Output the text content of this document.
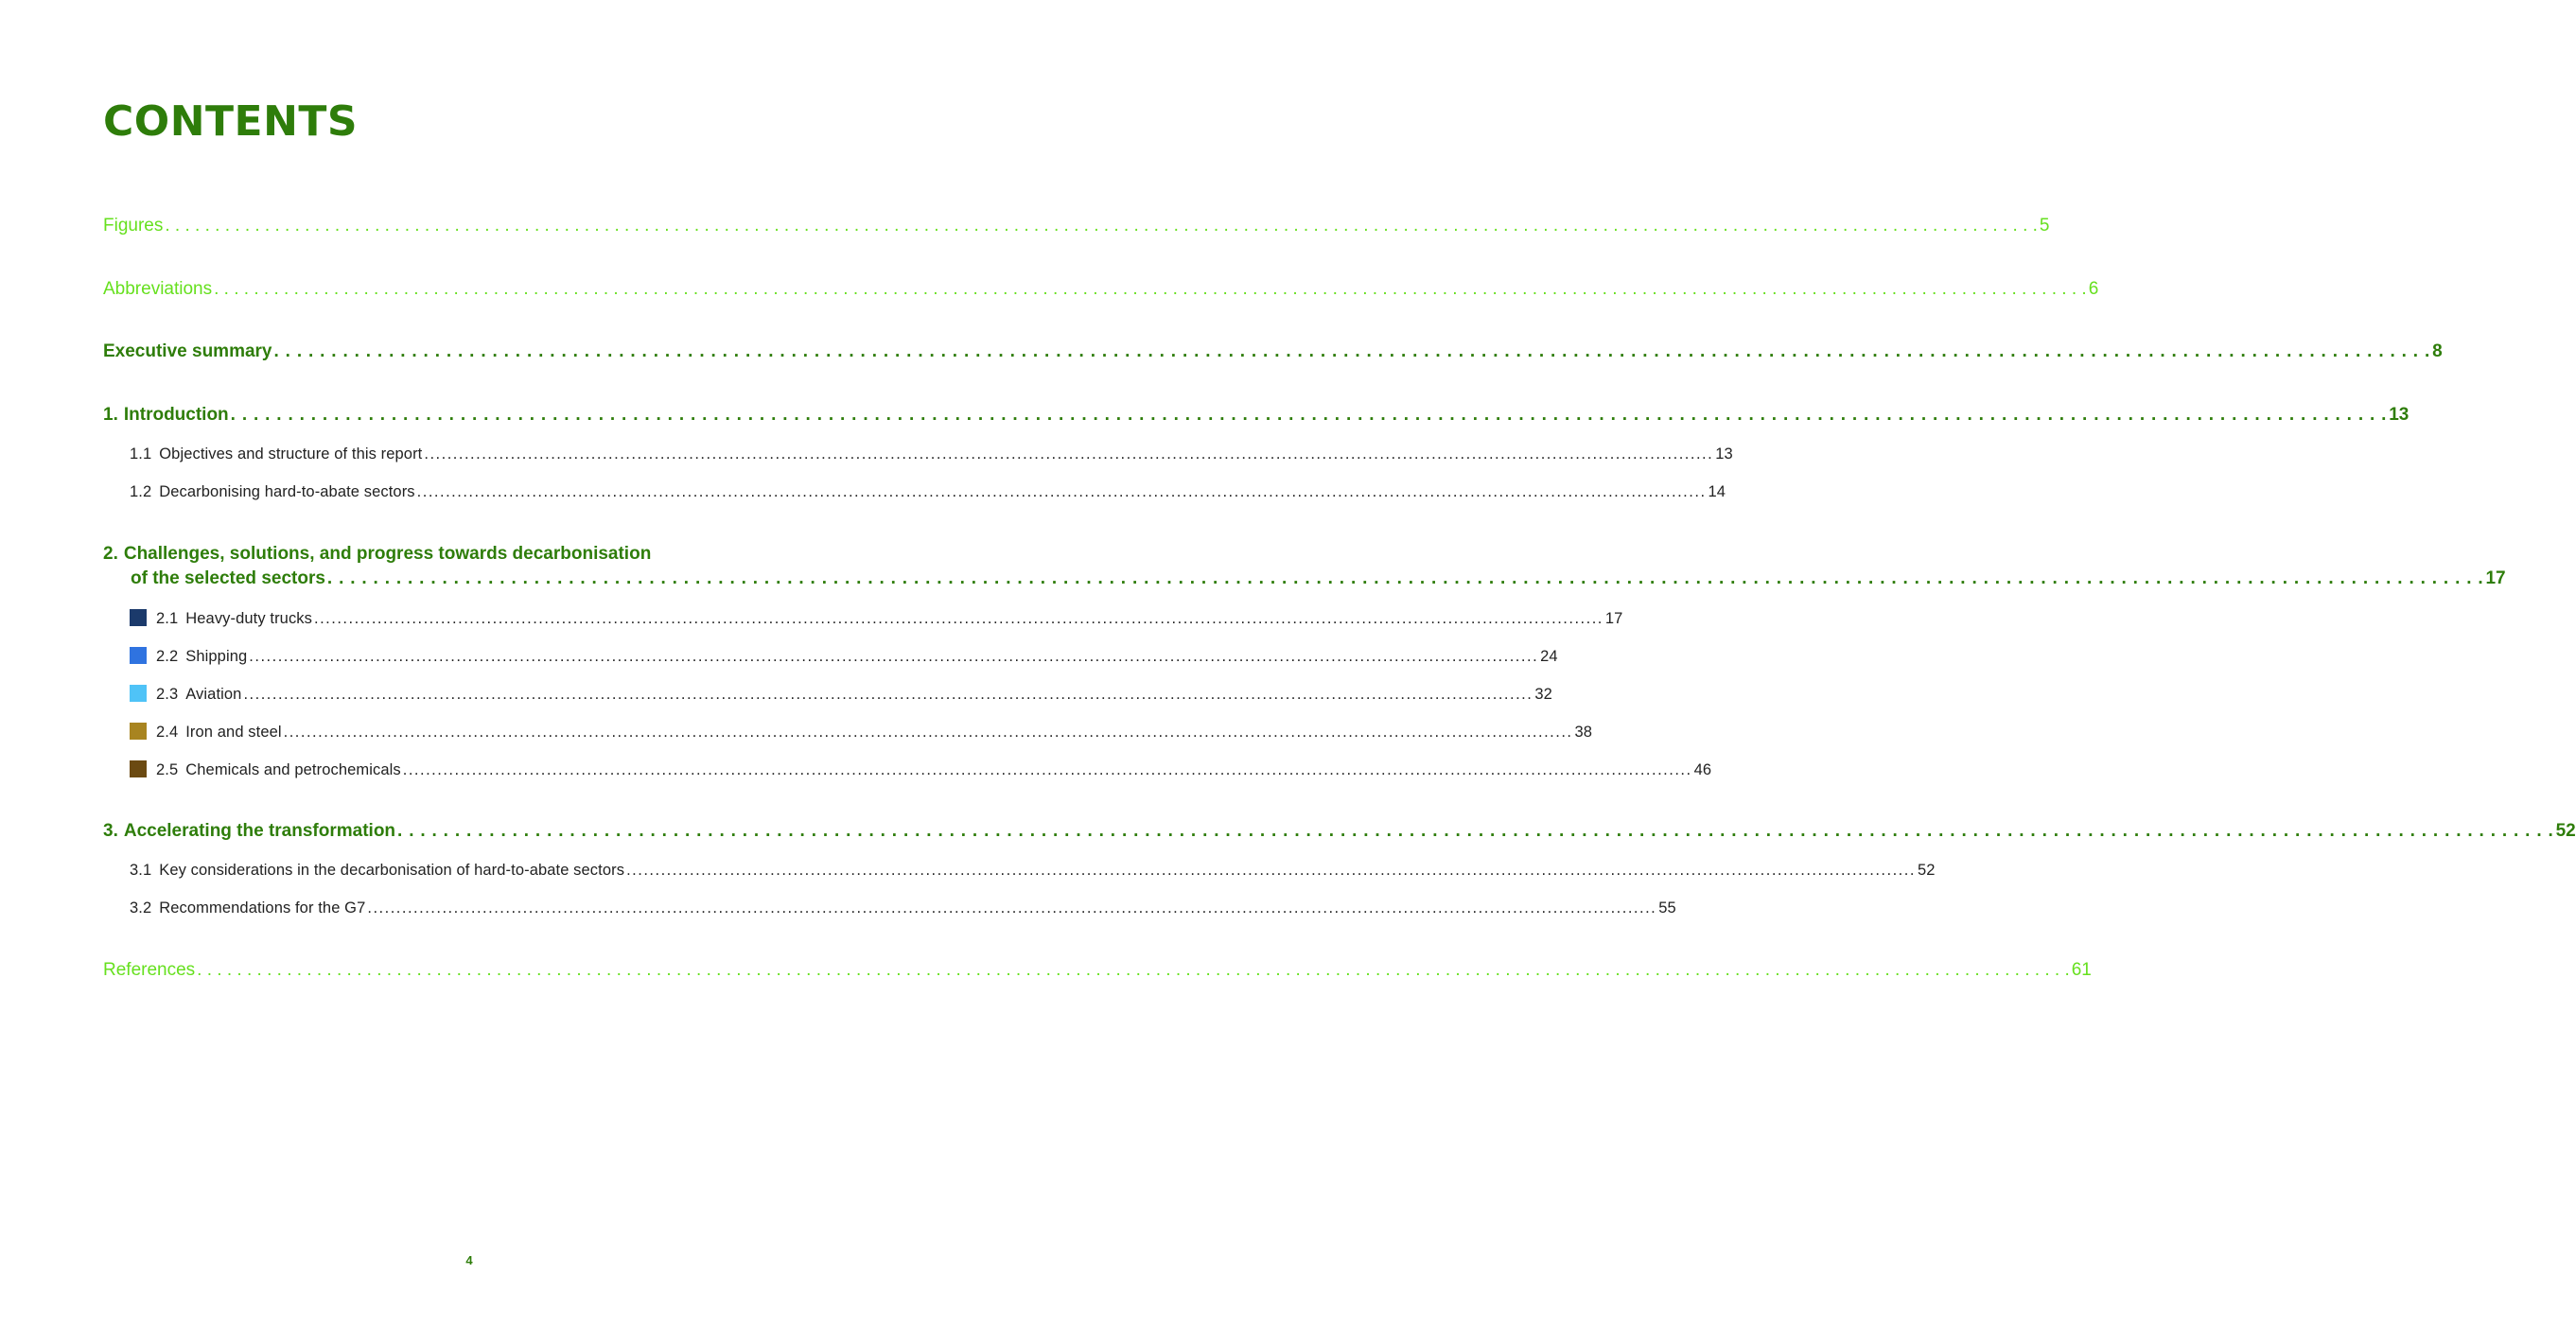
CONTENTS
Figures . . .	5
Abbreviations . . .	6
Executive summary . . .	8
1. Introduction . . .	13
1.1 Objectives and structure of this report .....	13
1.2 Decarbonising hard-to-abate sectors .....	14
2. Challenges, solutions, and progress towards decarbonisation
of the selected sectors . . .	17
2.1 Heavy-duty trucks .....	17
2.2 Shipping .....	24
2.3 Aviation .....	32
2.4 Iron and steel .....	38
2.5 Chemicals and petrochemicals .....	46
3. Accelerating the transformation . . .	52
3.1 Key considerations in the decarbonisation of hard-to-abate sectors .....	52
3.2 Recommendations for the G7 .....	55
References . . .	61
4
